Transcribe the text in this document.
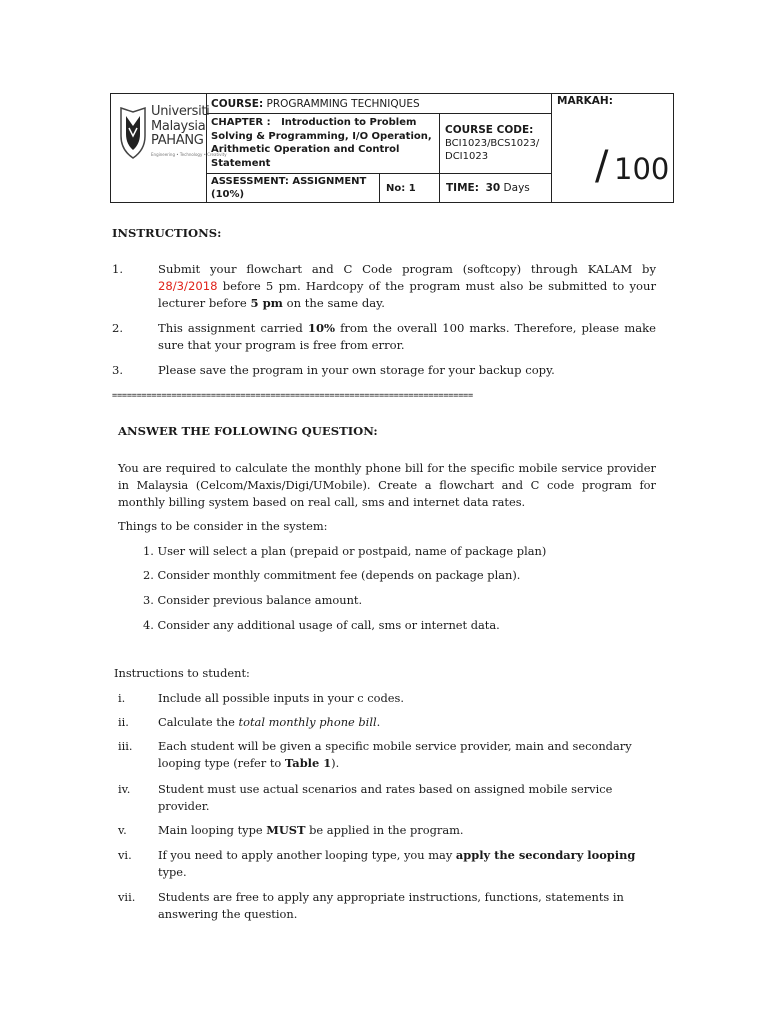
Universiti
Malaysia
PAHANG
Engineering • Technology • Creativity
COURSE: PROGRAMMING TECHNIQUES	MARKAH:
CHAPTER : Introduction to Problem Solving & Programming, I/O Operation, Arithmetic Operation and Control Statement
COURSE CODE:
BCI1023/BCS1023/
DCI1023	/ 100
ASSESSMENT: ASSIGNMENT (10%)	No: 1	TIME: 30 Days
INSTRUCTIONS:
1.	Submit your flowchart and C Code program (softcopy) through KALAM by 28/3/2018 before 5 pm. Hardcopy of the program must also be submitted to your lecturer before 5 pm on the same day.
2.	This assignment carried 10% from the overall 100 marks. Therefore, please make sure that your program is free from error.
3.	Please save the program in your own storage for your backup copy.
=========================================================================
ANSWER THE FOLLOWING QUESTION:
You are required to calculate the monthly phone bill for the specific mobile service provider in Malaysia (Celcom/Maxis/Digi/UMobile). Create a flowchart and C code program for monthly billing system based on real call, sms and internet data rates.
Things to be consider in the system:
1. User will select a plan (prepaid or postpaid, name of package plan)
2. Consider monthly commitment fee (depends on package plan).
3. Consider previous balance amount.
4. Consider any additional usage of call, sms or internet data.
Instructions to student:
i.	Include all possible inputs in your c codes.
ii.	Calculate the total monthly phone bill.
iii. Each student will be given a specific mobile service provider, main and secondary looping type (refer to Table 1).
iv. Student must use actual scenarios and rates based on assigned mobile service provider.
v.	Main looping type MUST be applied in the program.
vi. If you need to apply another looping type, you may apply the secondary looping type.
vii. Students are free to apply any appropriate instructions, functions, statements in answering the question.
